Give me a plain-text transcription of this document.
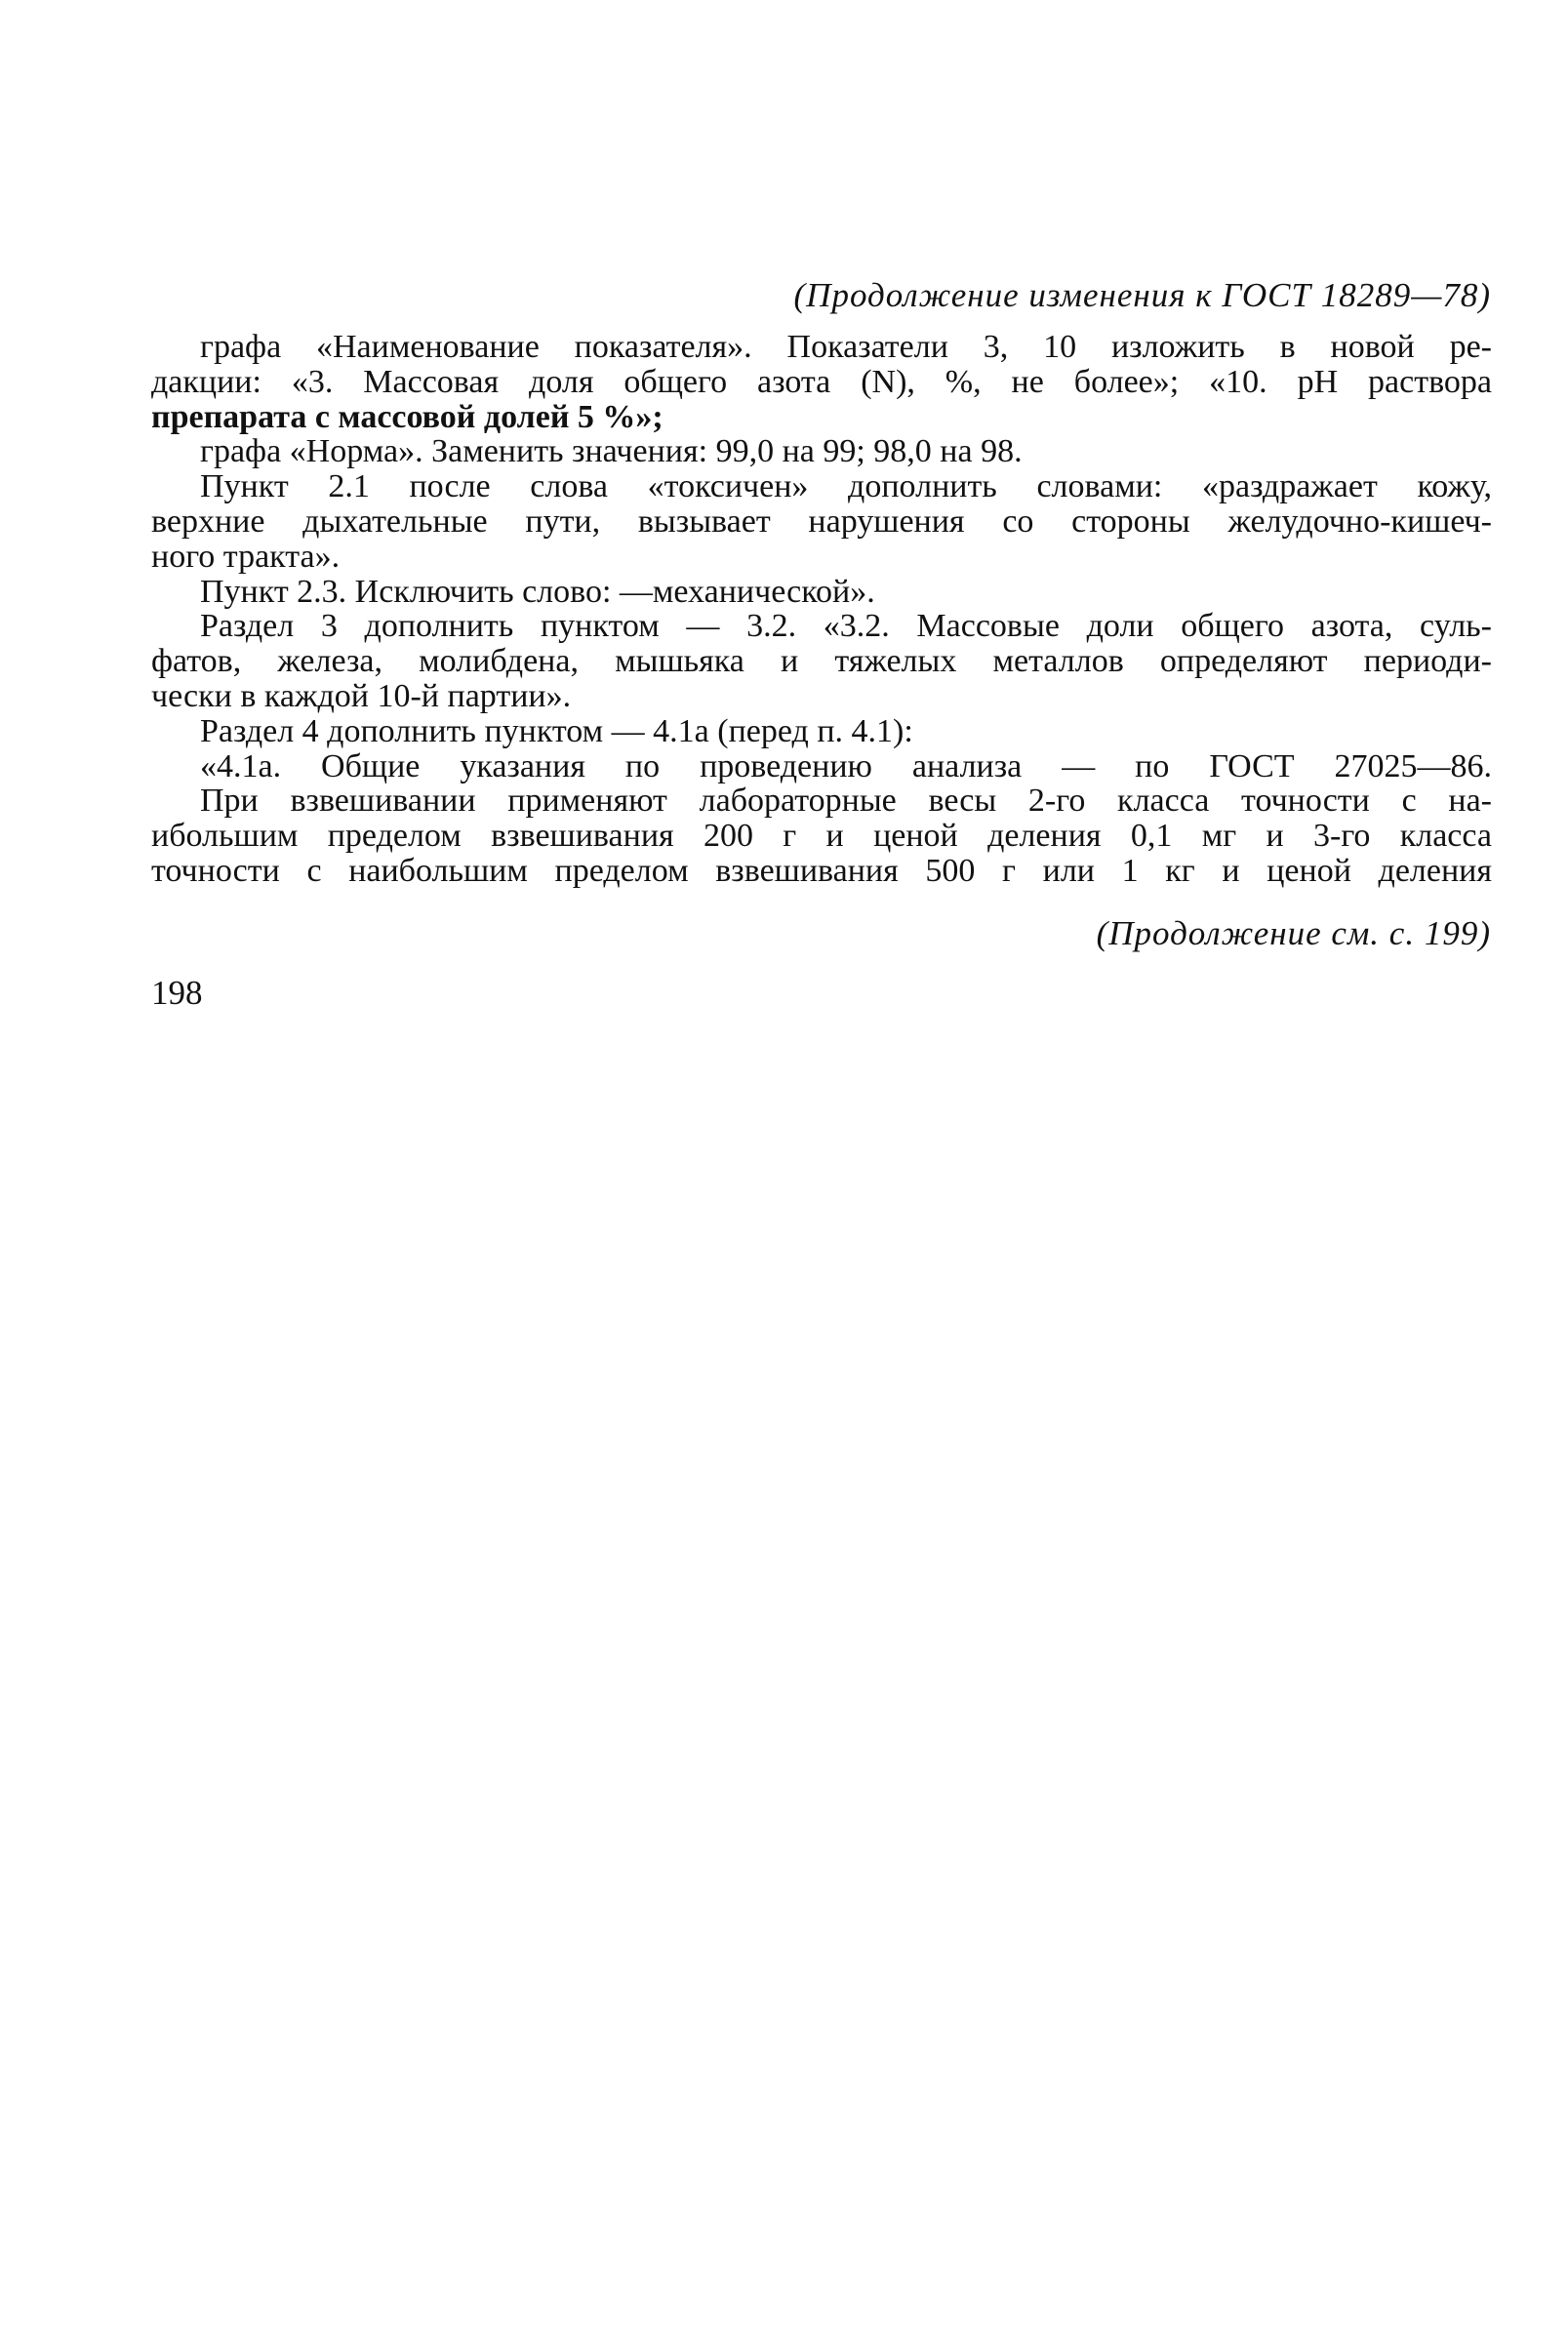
(Продолжение изменения к ГОСТ 18289—78)
графа «Наименование показателя». Показатели 3, 10 изложить в новой ре-
дакции: «3. Массовая доля общего азота (N), %, не более»; «10. рН раствора
препарата с массовой долей 5 %»;
графа «Норма». Заменить значения: 99,0 на 99; 98,0 на 98.
Пункт 2.1 после слова «токсичен» дополнить словами: «раздражает кожу,
верхние дыхательные пути, вызывает нарушения со стороны желудочно-кишеч-
ного тракта».
Пункт 2.3. Исключить слово: —механической».
Раздел 3 дополнить пунктом — 3.2. «3.2. Массовые доли общего азота, суль-
фатов, железа, молибдена, мышьяка и тяжелых металлов определяют периоди-
чески в каждой 10-й партии».
Раздел 4 дополнить пунктом — 4.1а (перед п. 4.1):
«4.1а. Общие указания по проведению анализа — по ГОСТ 27025—86.
При взвешивании применяют лабораторные весы 2-го класса точности с на-
ибольшим пределом взвешивания 200 г и ценой деления 0,1 мг и 3-го класса
точности с наибольшим пределом взвешивания 500 г или 1 кг и ценой деления
(Продолжение см. с. 199)
198
